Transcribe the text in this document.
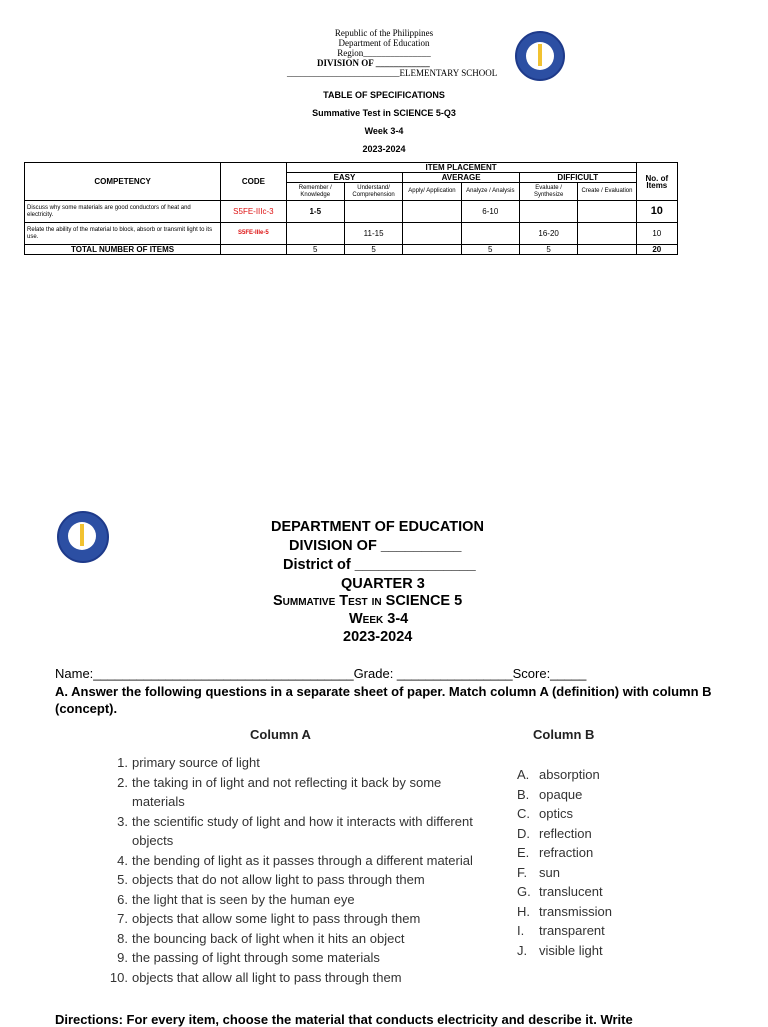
Republic of the Philippines
Department of Education
Region_______________
DIVISION OF ____________
_________________________ELEMENTARY SCHOOL
TABLE OF SPECIFICATIONS
Summative Test in SCIENCE 5-Q3
Week 3-4
2023-2024
COMPETENCY	CODE	ITEM PLACEMENT						No. of Items
		EASY		AVERAGE		DIFFICULT		
		Remember / Knowledge	Understand/ Comprehension	Apply/ Application	Analyze / Analysis	Evaluate / Synthesize	Create / Evaluation	
Discuss why some materials are good conductors of heat and electricity.	S5FE-IIIc-3	1-5			6-10			10
Relate the ability of the material to block, absorb or transmit light to its use.	S5FE-IIIe-5		11-15			16-20		10
TOTAL NUMBER OF ITEMS		5	5		5	5		20
DEPARTMENT OF EDUCATION
DIVISION OF __________
District of _______________
QUARTER 3
Summative Test in SCIENCE 5
Week 3-4
2023-2024
Name:____________________________________Grade: ________________Score:_____
A. Answer the following questions in a separate sheet of paper. Match column A (definition) with column B (concept).
Column A	Column B
1. primary source of light
2. the taking in of light and not reflecting it back by some materials
3. the scientific study of light and how it interacts with different objects
4. the bending of light as it passes through a different material
5. objects that do not allow light to pass through them
6. the light that is seen by the human eye
7. objects that allow some light to pass through them
8. the bouncing back of light when it hits an object
9. the passing of light through some materials
10. objects that allow all light to pass through them
A. absorption
B. opaque
C. optics
D. reflection
E. refraction
F. sun
G. translucent
H. transmission
I. transparent
J. visible light
Directions: For every item, choose the material that conducts electricity and describe it. Write
